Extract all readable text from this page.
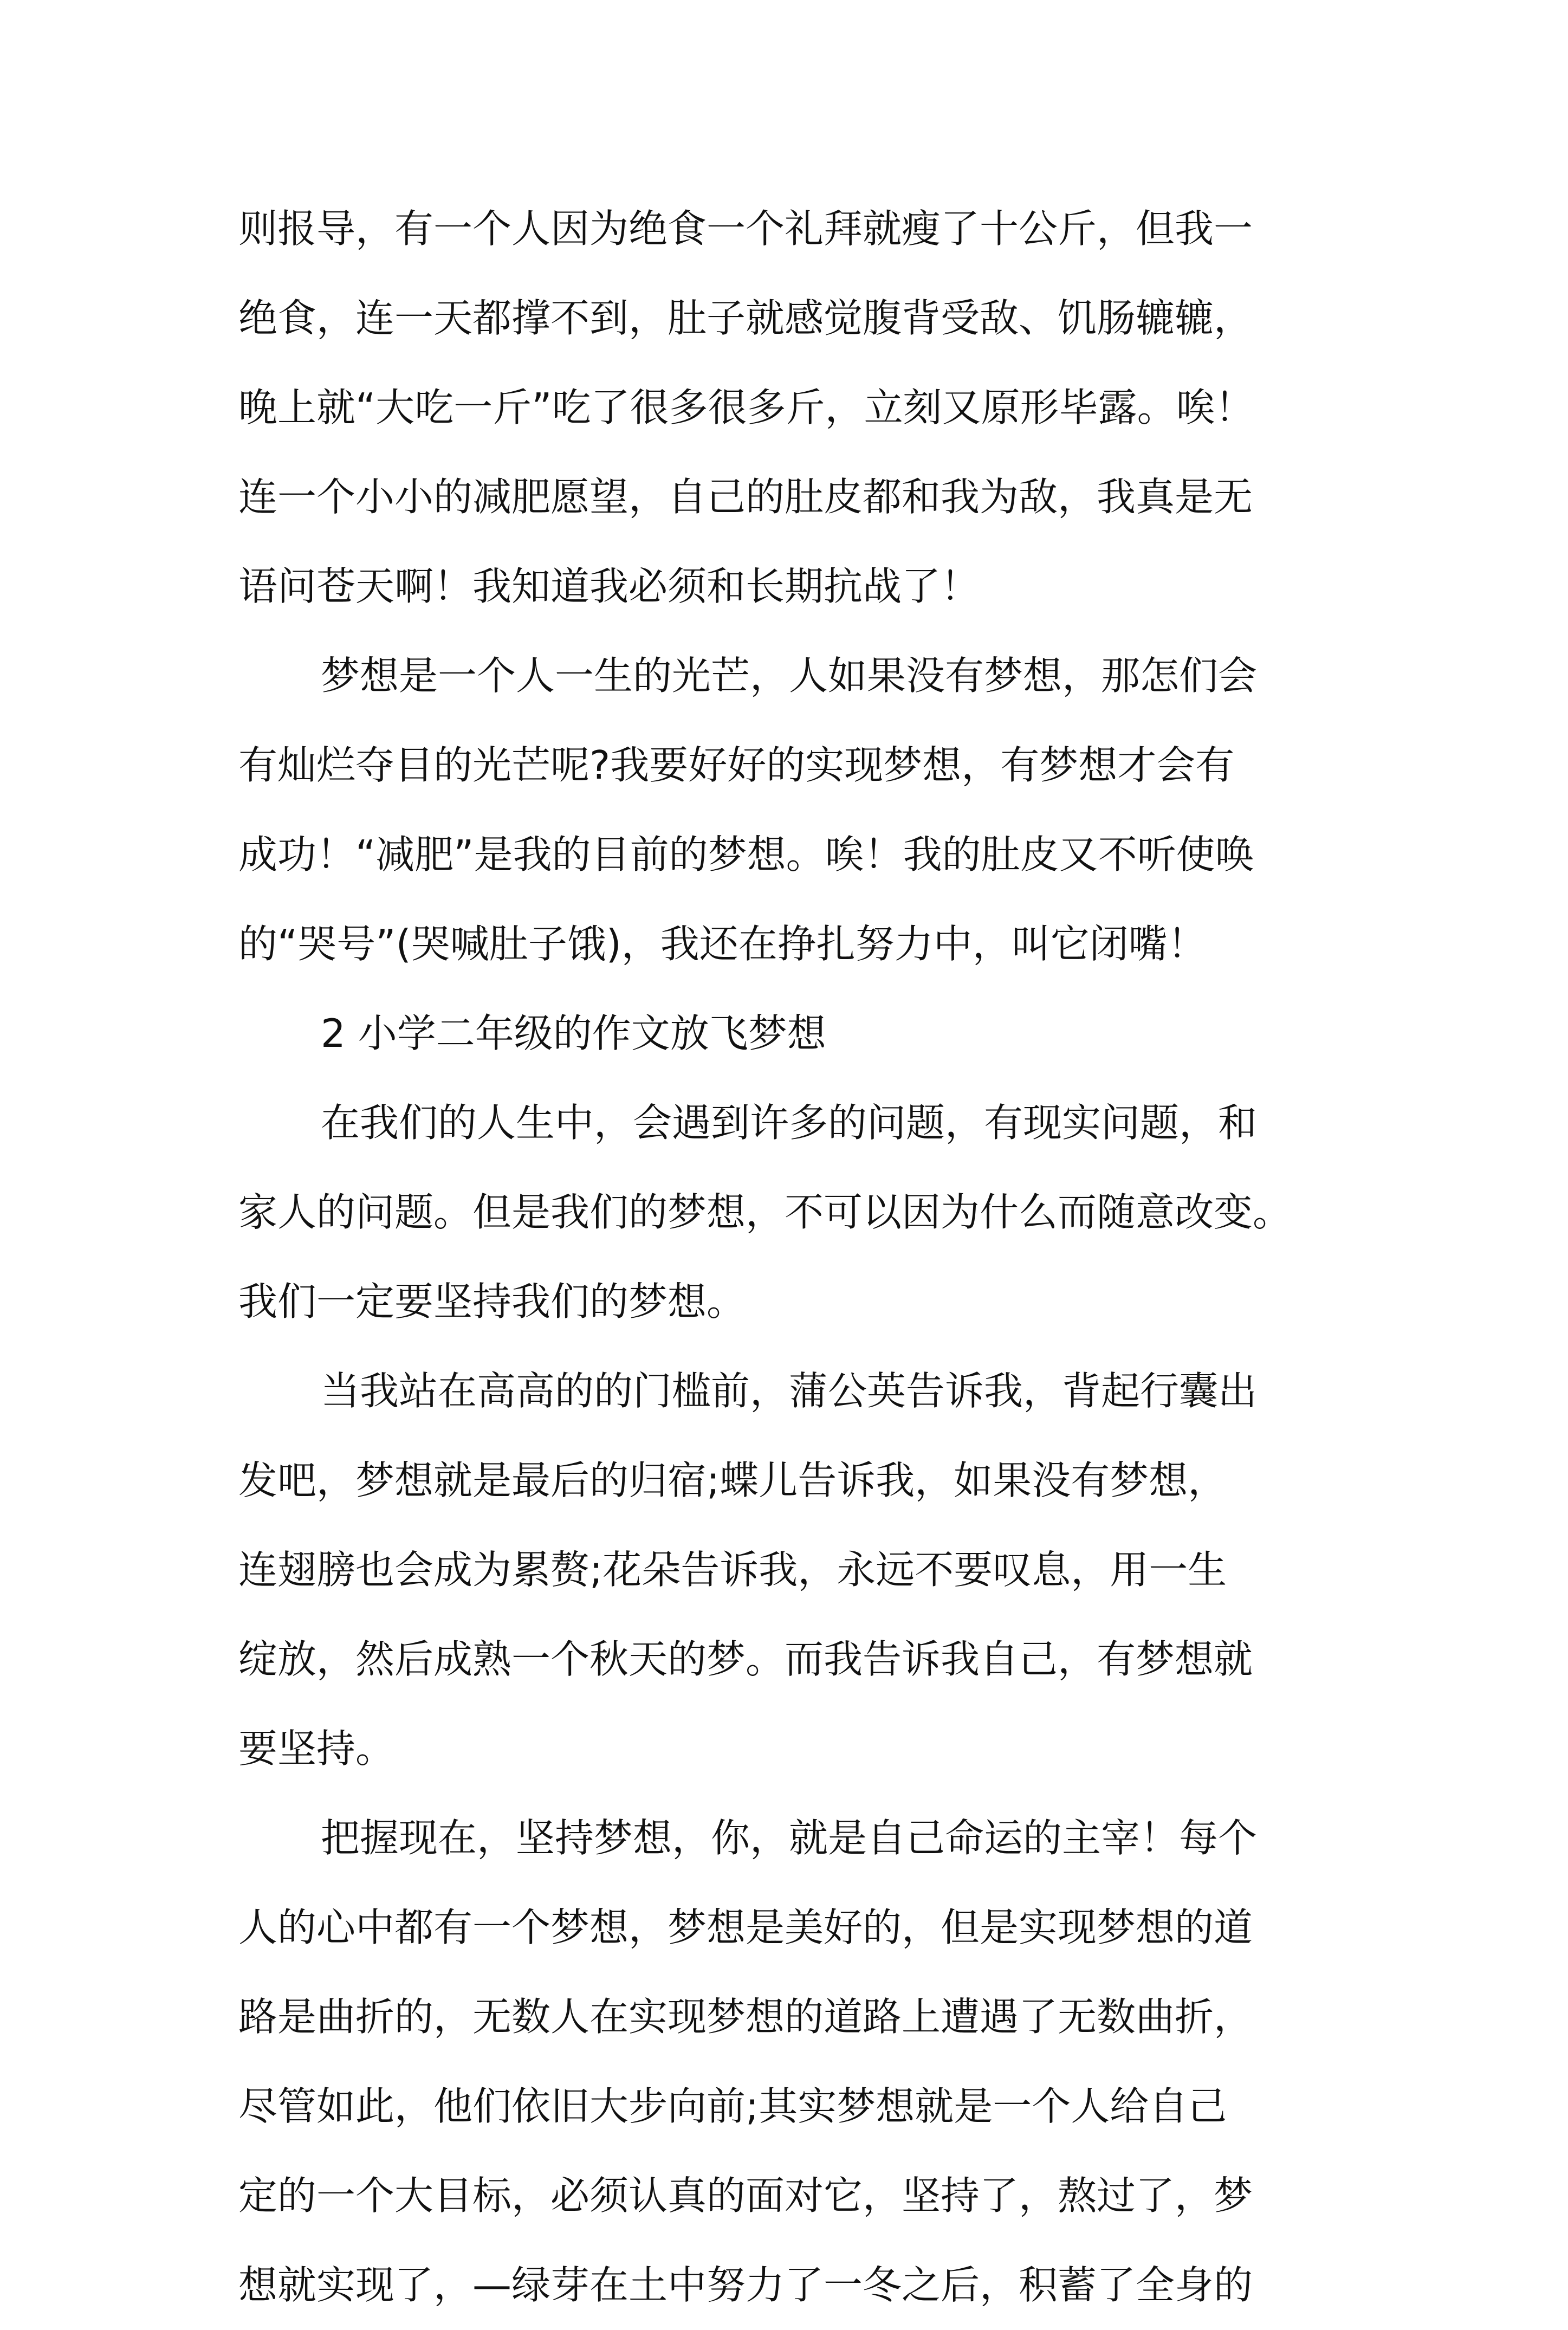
则报导，有一个人因为绝食一个礼拜就瘦了十公斤，但我一
绝食，连一天都撑不到，肚子就感觉腹背受敌、饥肠辘辘，
晚上就“大吃一斤”吃了很多很多斤，立刻又原形毕露。唉！
连一个小小的减肥愿望，自己的肚皮都和我为敌，我真是无
语问苍天啊！我知道我必须和长期抗战了！
梦想是一个人一生的光芒，人如果没有梦想，那怎们会
有灿烂夺目的光芒呢?我要好好的实现梦想，有梦想才会有
成功！“减肥”是我的目前的梦想。唉！我的肚皮又不听使唤
的“哭号”(哭喊肚子饿)，我还在挣扎努力中，叫它闭嘴！
2 小学二年级的作文放飞梦想
在我们的人生中，会遇到许多的问题，有现实问题，和
家人的问题。但是我们的梦想，不可以因为什么而随意改变。
我们一定要坚持我们的梦想。
当我站在高高的的门槛前，蒲公英告诉我，背起行囊出
发吧，梦想就是最后的归宿;蝶儿告诉我，如果没有梦想，
连翅膀也会成为累赘;花朵告诉我，永远不要叹息，用一生
绽放，然后成熟一个秋天的梦。而我告诉我自己，有梦想就
要坚持。
把握现在，坚持梦想，你，就是自己命运的主宰！每个
人的心中都有一个梦想，梦想是美好的，但是实现梦想的道
路是曲折的，无数人在实现梦想的道路上遭遇了无数曲折，
尽管如此，他们依旧大步向前;其实梦想就是一个人给自己
定的一个大目标，必须认真的面对它，坚持了，熬过了，梦
想就实现了，—绿芽在土中努力了一冬之后，积蓄了全身的
